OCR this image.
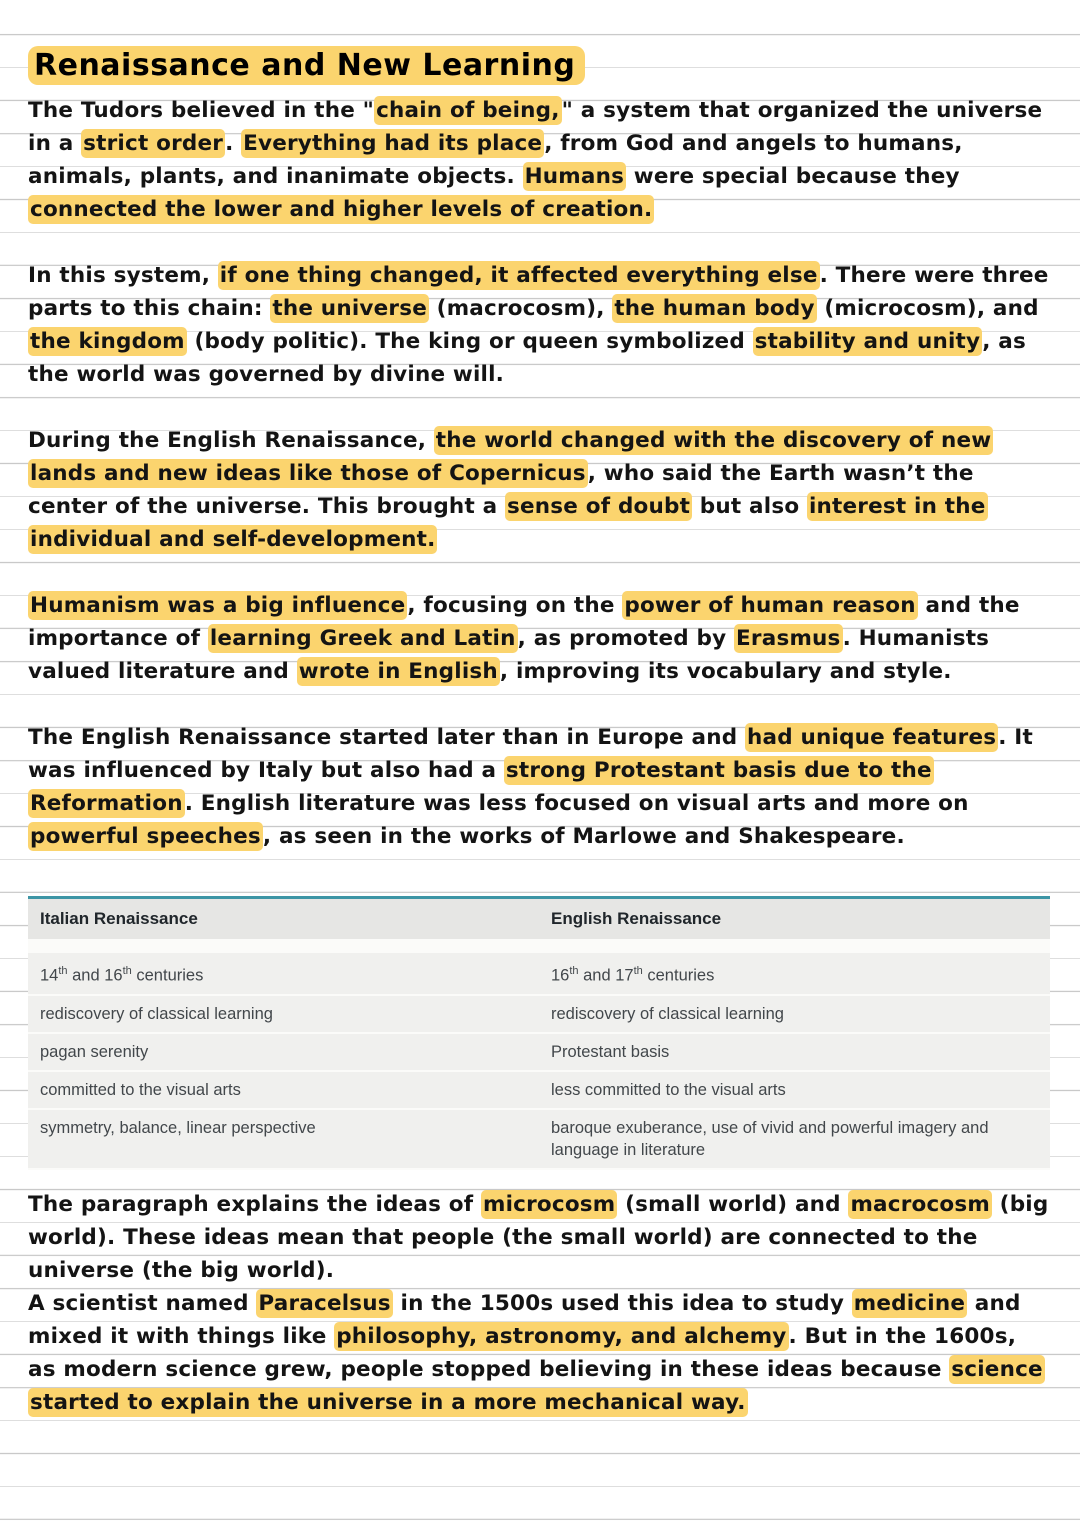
Renaissance and New Learning

The Tudors believed in the "chain of being," a system that organized the universe in a strict order. Everything had its place, from God and angels to humans, animals, plants, and inanimate objects. Humans were special because they connected the lower and higher levels of creation.

In this system, if one thing changed, it affected everything else. There were three parts to this chain: the universe (macrocosm), the human body (microcosm), and the kingdom (body politic). The king or queen symbolized stability and unity, as the world was governed by divine will.

During the English Renaissance, the world changed with the discovery of new lands and new ideas like those of Copernicus, who said the Earth wasn’t the center of the universe. This brought a sense of doubt but also interest in the individual and self-development.

Humanism was a big influence, focusing on the power of human reason and the importance of learning Greek and Latin, as promoted by Erasmus. Humanists valued literature and wrote in English, improving its vocabulary and style.

The English Renaissance started later than in Europe and had unique features. It was influenced by Italy but also had a strong Protestant basis due to the Reformation. English literature was less focused on visual arts and more on powerful speeches, as seen in the works of Marlowe and Shakespeare.

Italian Renaissance	English Renaissance
14th and 16th centuries	16th and 17th centuries
rediscovery of classical learning	rediscovery of classical learning
pagan serenity	Protestant basis
committed to the visual arts	less committed to the visual arts
symmetry, balance, linear perspective	baroque exuberance, use of vivid and powerful imagery and language in literature

The paragraph explains the ideas of microcosm (small world) and macrocosm (big world). These ideas mean that people (the small world) are connected to the universe (the big world).

A scientist named Paracelsus in the 1500s used this idea to study medicine and mixed it with things like philosophy, astronomy, and alchemy. But in the 1600s, as modern science grew, people stopped believing in these ideas because science started to explain the universe in a more mechanical way.
